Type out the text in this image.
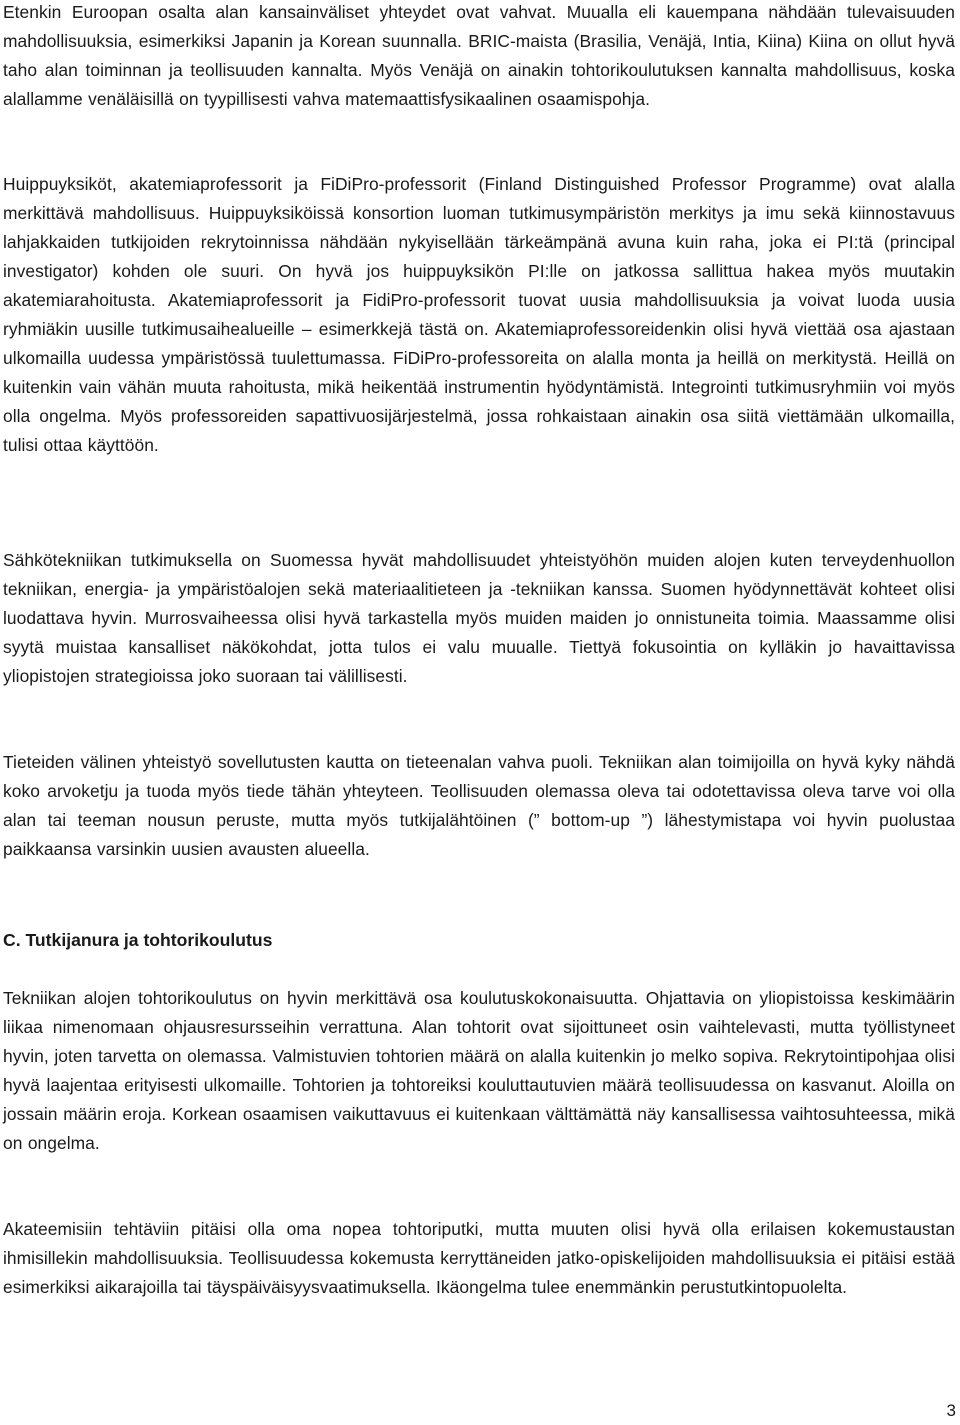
Etenkin Euroopan osalta alan kansainväliset yhteydet ovat vahvat. Muualla eli kauempana nähdään tulevaisuuden mahdollisuuksia, esimerkiksi Japanin ja Korean suunnalla. BRIC-maista (Brasilia, Venäjä, Intia, Kiina) Kiina on ollut hyvä taho alan toiminnan ja teollisuuden kannalta. Myös Venäjä on ainakin tohtorikoulutuksen kannalta mahdollisuus, koska alallamme venäläisillä on tyypillisesti vahva matemaattisfysikaalinen osaamispohja.

Huippuyksiköt, akatemiaprofessorit ja FiDiPro-professorit (Finland Distinguished Professor Programme) ovat alalla merkittävä mahdollisuus. Huippuyksiköissä konsortion luoman tutkimusympäristön merkitys ja imu sekä kiinnostavuus lahjakkaiden tutkijoiden rekrytoinnissa nähdään nykyisellään tärkeämpänä avuna kuin raha, joka ei PI:tä (principal investigator) kohden ole suuri. On hyvä jos huippuyksikön PI:lle on jatkossa sallittua hakea myös muutakin akatemiarahoitusta. Akatemiaprofessorit ja FidiPro-professorit tuovat uusia mahdollisuuksia ja voivat luoda uusia ryhmiäkin uusille tutkimusaihealueille – esimerkkejä tästä on. Akatemiaprofessoreidenkin olisi hyvä viettää osa ajastaan ulkomailla uudessa ympäristössä tuulettumassa. FiDiPro-professoreita on alalla monta ja heillä on merkitystä. Heillä on kuitenkin vain vähän muuta rahoitusta, mikä heikentää instrumentin hyödyntämistä. Integrointi tutkimusryhmiin voi myös olla ongelma. Myös professoreiden sapattivuosijärjestelmä, jossa rohkaistaan ainakin osa siitä viettämään ulkomailla, tulisi ottaa käyttöön.

Sähkötekniikan tutkimuksella on Suomessa hyvät mahdollisuudet yhteistyöhön muiden alojen kuten terveydenhuollon tekniikan, energia- ja ympäristöalojen sekä materiaalitieteen ja -tekniikan kanssa. Suomen hyödynnettävät kohteet olisi luodattava hyvin. Murrosvaiheessa olisi hyvä tarkastella myös muiden maiden jo onnistuneita toimia. Maassamme olisi syytä muistaa kansalliset näkökohdat, jotta tulos ei valu muualle. Tiettyä fokusointia on kylläkin jo havaittavissa yliopistojen strategioissa joko suoraan tai välillisesti.

Tieteiden välinen yhteistyö sovellutusten kautta on tieteenalan vahva puoli. Tekniikan alan toimijoilla on hyvä kyky nähdä koko arvoketju ja tuoda myös tiede tähän yhteyteen. Teollisuuden olemassa oleva tai odotettavissa oleva tarve voi olla alan tai teeman nousun peruste, mutta myös tutkijalähtöinen (” bottom-up ”) lähestymistapa voi hyvin puolustaa paikkaansa varsinkin uusien avausten alueella.

C. Tutkijanura ja tohtorikoulutus

Tekniikan alojen tohtorikoulutus on hyvin merkittävä osa koulutuskokonaisuutta. Ohjattavia on yliopistoissa keskimäärin liikaa nimenomaan ohjausresursseihin verrattuna. Alan tohtorit ovat sijoittuneet osin vaihtelevasti, mutta työllistyneet hyvin, joten tarvetta on olemassa. Valmistuvien tohtorien määrä on alalla kuitenkin jo melko sopiva. Rekrytointipohjaa olisi hyvä laajentaa erityisesti ulkomaille. Tohtorien ja tohtoreiksi kouluttautuvien määrä teollisuudessa on kasvanut. Aloilla on jossain määrin eroja. Korkean osaamisen vaikuttavuus ei kuitenkaan välttämättä näy kansallisessa vaihtosuhteessa, mikä on ongelma.

Akateemisiin tehtäviin pitäisi olla oma nopea tohtoriputki, mutta muuten olisi hyvä olla erilaisen kokemustaustan ihmisillekin mahdollisuuksia. Teollisuudessa kokemusta kerryttäneiden jatko-opiskelijoiden mahdollisuuksia ei pitäisi estää esimerkiksi aikarajoilla tai täyspäiväisyysvaatimuksella. Ikäongelma tulee enemmänkin perustutkintopuolelta.

3
